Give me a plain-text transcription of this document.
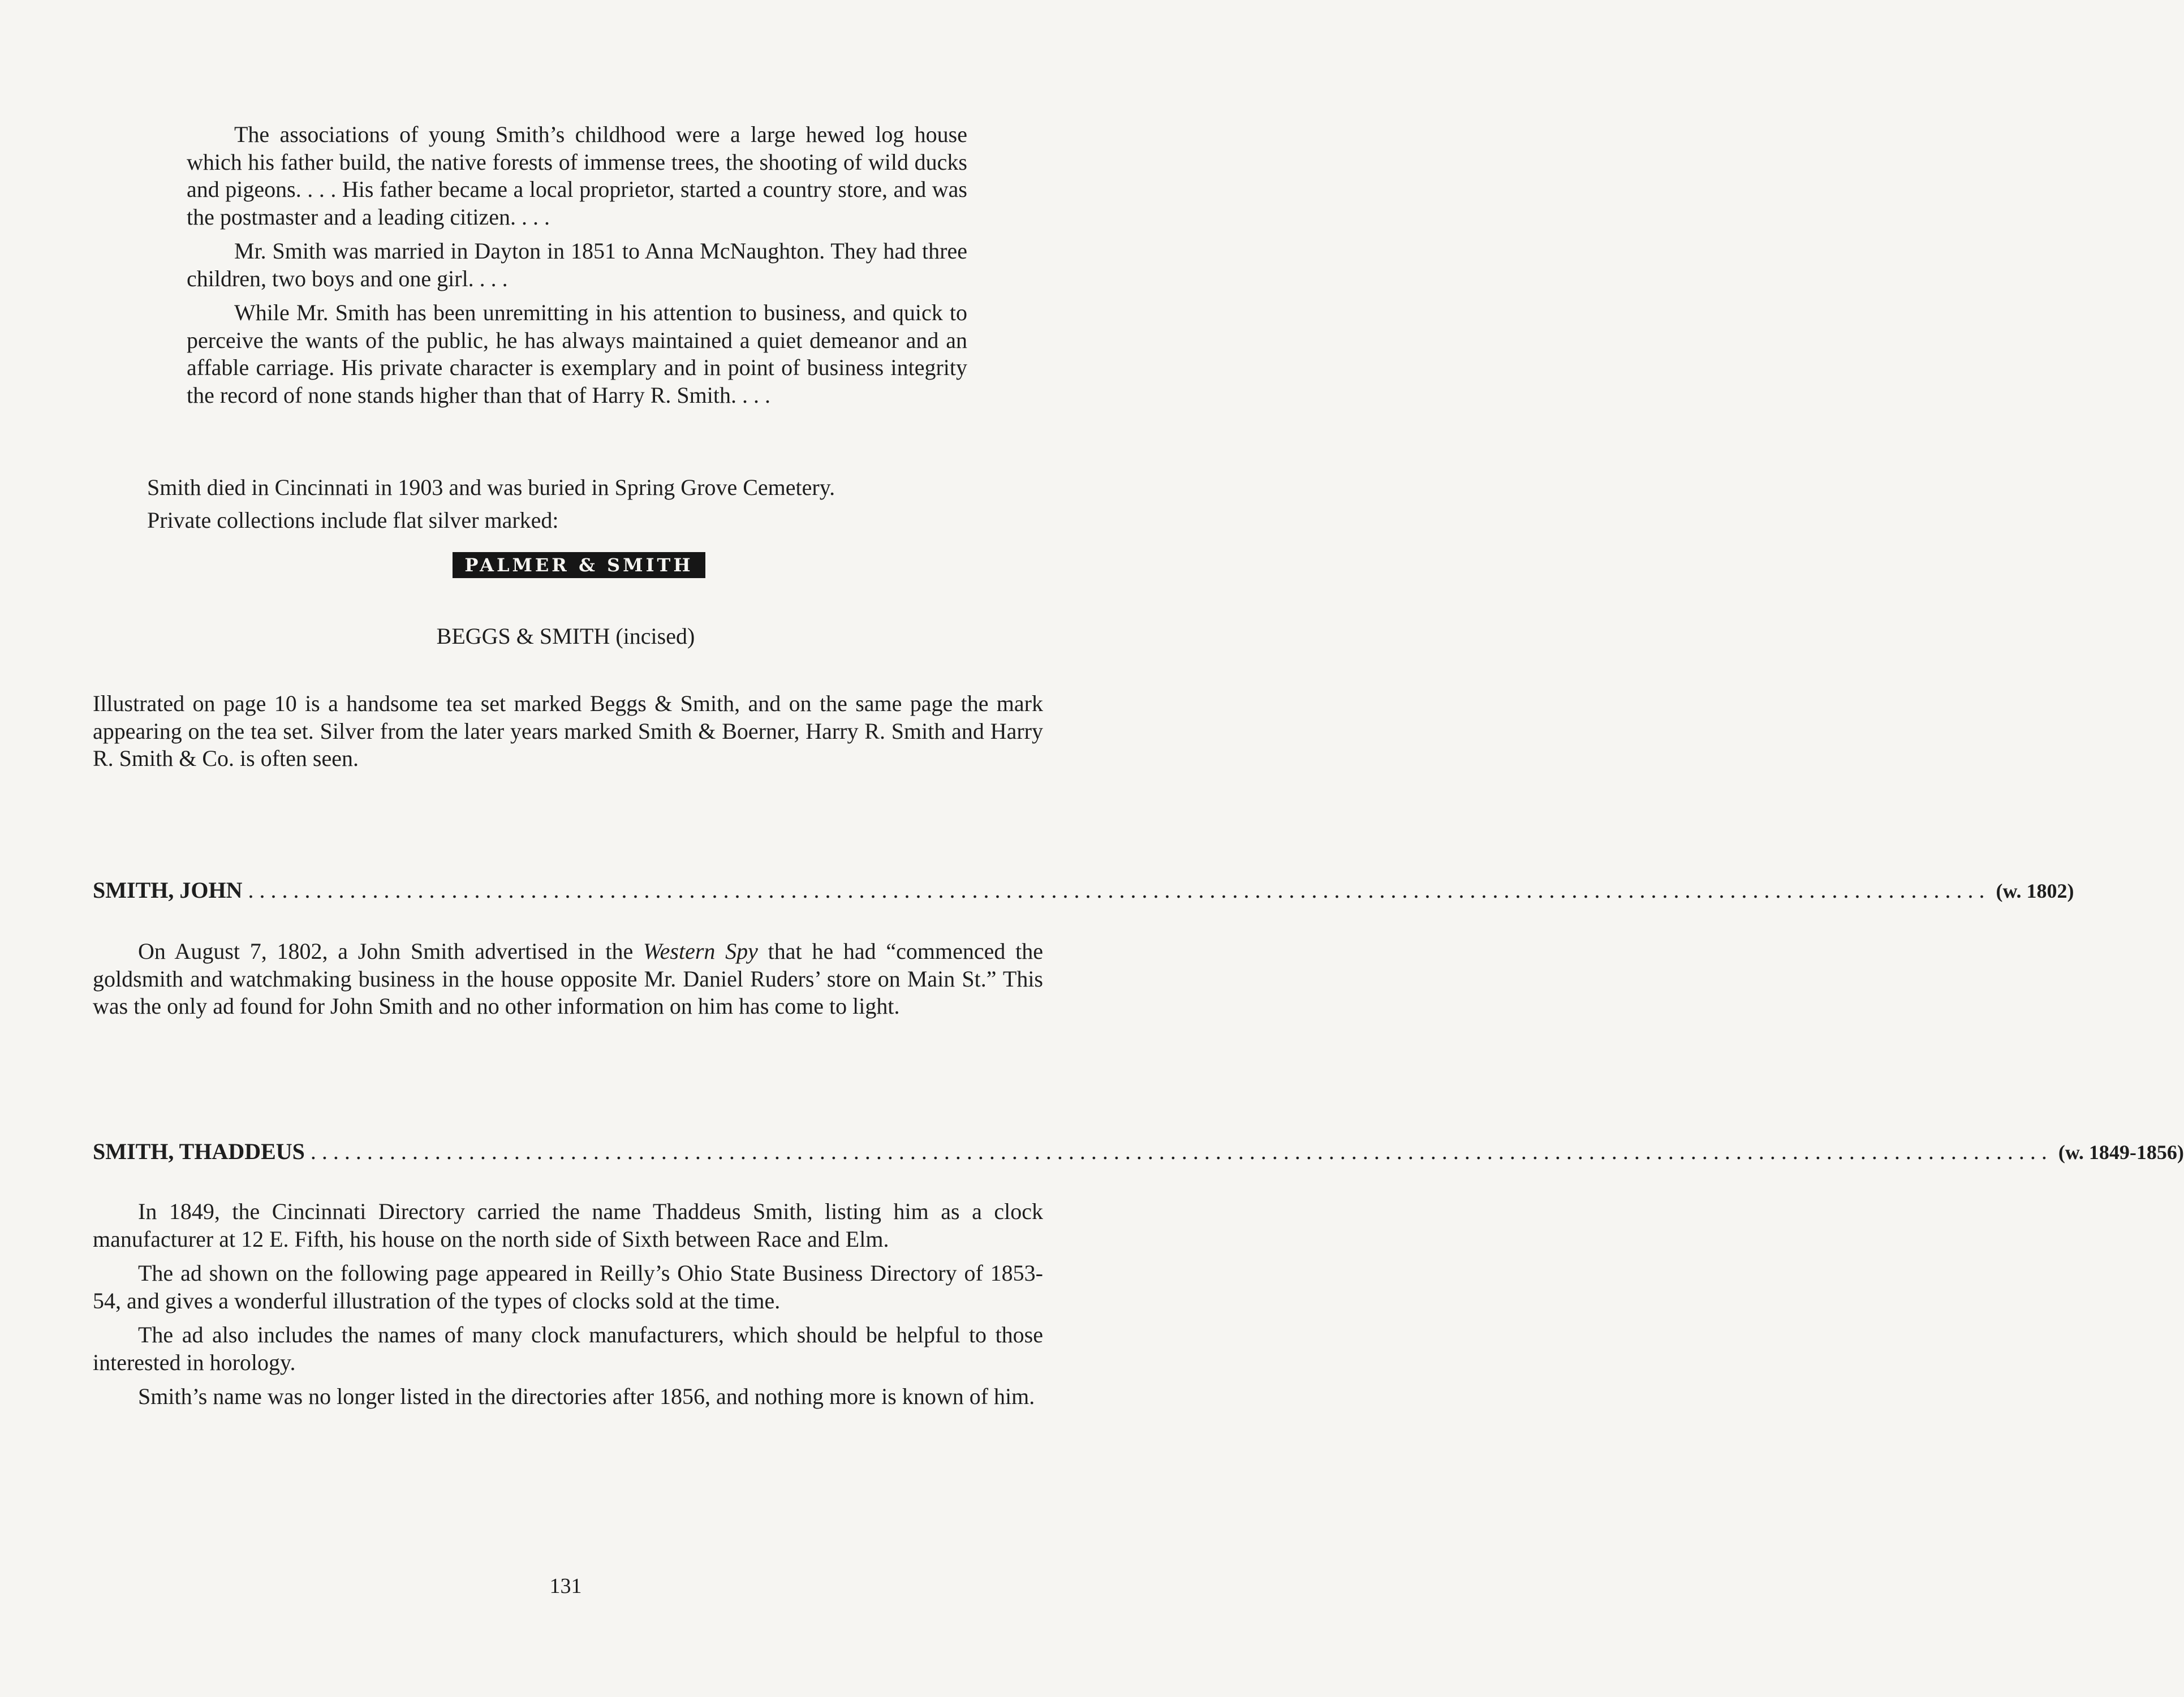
The associations of young Smith’s childhood were a large hewed log house which his father build, the native forests of immense trees, the shooting of wild ducks and pigeons. . . . His father became a local proprietor, started a country store, and was the postmaster and a leading citizen. . . .

Mr. Smith was married in Dayton in 1851 to Anna McNaughton. They had three children, two boys and one girl. . . .

While Mr. Smith has been unremitting in his attention to business, and quick to perceive the wants of the public, he has always maintained a quiet demeanor and an affable carriage. His private character is exemplary and in point of business integrity the record of none stands higher than that of Harry R. Smith. . . .

Smith died in Cincinnati in 1903 and was buried in Spring Grove Cemetery.

Private collections include flat silver marked:

PALMER & SMITH
BEGGS & SMITH (incised)

Illustrated on page 10 is a handsome tea set marked Beggs & Smith, and on the same page the mark appearing on the tea set. Silver from the later years marked Smith & Boerner, Harry R. Smith and Harry R. Smith & Co. is often seen.

SMITH, JOHN .......................................................................................................................................................... (w. 1802)

On August 7, 1802, a John Smith advertised in the Western Spy that he had “commenced the goldsmith and watchmaking business in the house opposite Mr. Daniel Ruders’ store on Main St.” This was the only ad found for John Smith and no other information on him has come to light.

SMITH, THADDEUS .......................................................................................................................................................... (w. 1849-1856)

In 1849, the Cincinnati Directory carried the name Thaddeus Smith, listing him as a clock manufacturer at 12 E. Fifth, his house on the north side of Sixth between Race and Elm.

The ad shown on the following page appeared in Reilly’s Ohio State Business Directory of 1853-54, and gives a wonderful illustration of the types of clocks sold at the time.

The ad also includes the names of many clock manufacturers, which should be helpful to those interested in horology.

Smith’s name was no longer listed in the directories after 1856, and nothing more is known of him.

131
